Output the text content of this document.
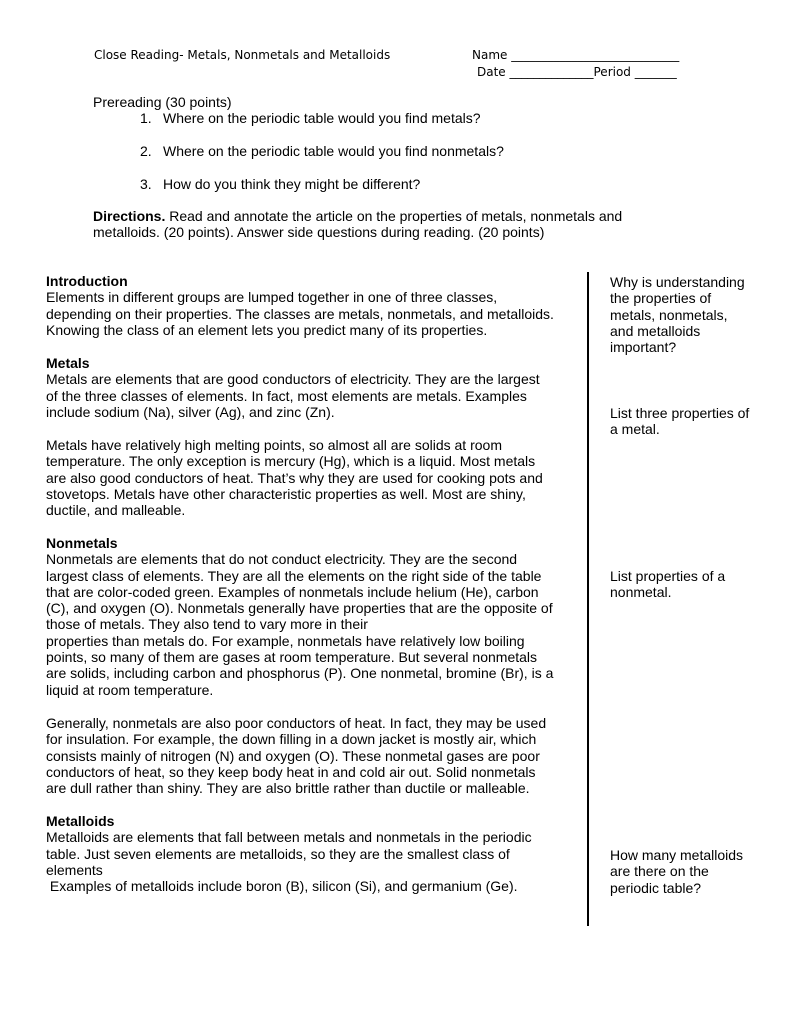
Close Reading- Metals, Nonmetals and Metalloids	Name ____________________________
Date ______________Period _______
Prereading (30 points)
1. Where on the periodic table would you find metals?
2. Where on the periodic table would you find nonmetals?
3. How do you think they might be different?
Directions. Read and annotate the article on the properties of metals, nonmetals and
metalloids. (20 points). Answer side questions during reading. (20 points)
Introduction
Elements in different groups are lumped together in one of three classes,
depending on their properties. The classes are metals, nonmetals, and metalloids.
Knowing the class of an element lets you predict many of its properties.
Metals
Metals are elements that are good conductors of electricity. They are the largest
of the three classes of elements. In fact, most elements are metals. Examples
include sodium (Na), silver (Ag), and zinc (Zn).
Metals have relatively high melting points, so almost all are solids at room
temperature. The only exception is mercury (Hg), which is a liquid. Most metals
are also good conductors of heat. That’s why they are used for cooking pots and
stovetops. Metals have other characteristic properties as well. Most are shiny,
ductile, and malleable.
Nonmetals
Nonmetals are elements that do not conduct electricity. They are the second
largest class of elements. They are all the elements on the right side of the table
that are color-coded green. Examples of nonmetals include helium (He), carbon
(C), and oxygen (O). Nonmetals generally have properties that are the opposite of
those of metals. They also tend to vary more in their
properties than metals do. For example, nonmetals have relatively low boiling
points, so many of them are gases at room temperature. But several nonmetals
are solids, including carbon and phosphorus (P). One nonmetal, bromine (Br), is a
liquid at room temperature.
Generally, nonmetals are also poor conductors of heat. In fact, they may be used
for insulation. For example, the down filling in a down jacket is mostly air, which
consists mainly of nitrogen (N) and oxygen (O). These nonmetal gases are poor
conductors of heat, so they keep body heat in and cold air out. Solid nonmetals
are dull rather than shiny. They are also brittle rather than ductile or malleable.
Metalloids
Metalloids are elements that fall between metals and nonmetals in the periodic
table. Just seven elements are metalloids, so they are the smallest class of
elements
Examples of metalloids include boron (B), silicon (Si), and germanium (Ge).
Why is understanding
the properties of
metals, nonmetals,
and metalloids
important?
List three properties of
a metal.
List properties of a
nonmetal.
How many metalloids
are there on the
periodic table?
